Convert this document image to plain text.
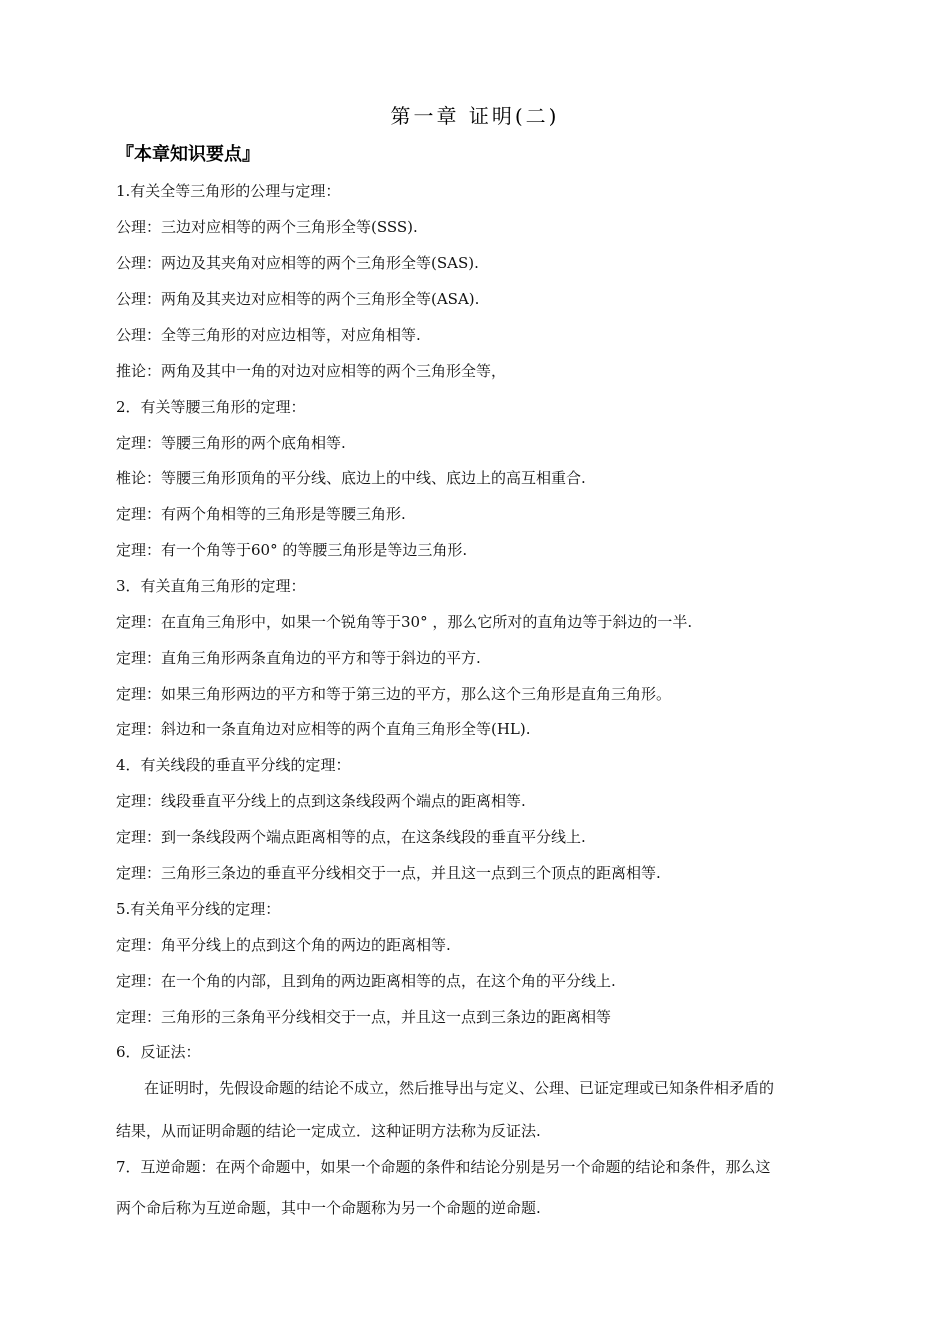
第一章 证明(二)
『本章知识要点』
1.有关全等三角形的公理与定理：
公理：三边对应相等的两个三角形全等(SSS).
公理：两边及其夹角对应相等的两个三角形全等(SAS).
公理：两角及其夹边对应相等的两个三角形全等(ASA).
公理：全等三角形的对应边相等，对应角相等.
推论：两角及其中一角的对边对应相等的两个三角形全等，
2．有关等腰三角形的定理：
定理：等腰三角形的两个底角相等.
椎论：等腰三角形顶角的平分线、底边上的中线、底边上的高互相重合.
定理：有两个角相等的三角形是等腰三角形.
定理：有一个角等于60° 的等腰三角形是等边三角形.
3．有关直角三角形的定理：
定理：在直角三角形中，如果一个锐角等于30° ，那么它所对的直角边等于斜边的一半.
定理：直角三角形两条直角边的平方和等于斜边的平方.
定理：如果三角形两边的平方和等于第三边的平方，那么这个三角形是直角三角形。
定理：斜边和一条直角边对应相等的两个直角三角形全等(HL).
4．有关线段的垂直平分线的定理：
定理：线段垂直平分线上的点到这条线段两个端点的距离相等.
定理：到一条线段两个端点距离相等的点，在这条线段的垂直平分线上.
定理：三角形三条边的垂直平分线相交于一点，并且这一点到三个顶点的距离相等.
5.有关角平分线的定理：
定理：角平分线上的点到这个角的两边的距离相等.
定理：在一个角的内部，且到角的两边距离相等的点，在这个角的平分线上.
定理：三角形的三条角平分线相交于一点，并且这一点到三条边的距离相等
6．反证法：
在证明时，先假设命题的结论不成立，然后推导出与定义、公理、已证定理或已知条件相矛盾的
结果，从而证明命题的结论一定成立．这种证明方法称为反证法.
7．互逆命题：在两个命题中，如果一个命题的条件和结论分别是另一个命题的结论和条件，那么这
两个命后称为互逆命题，其中一个命题称为另一个命题的逆命题.
